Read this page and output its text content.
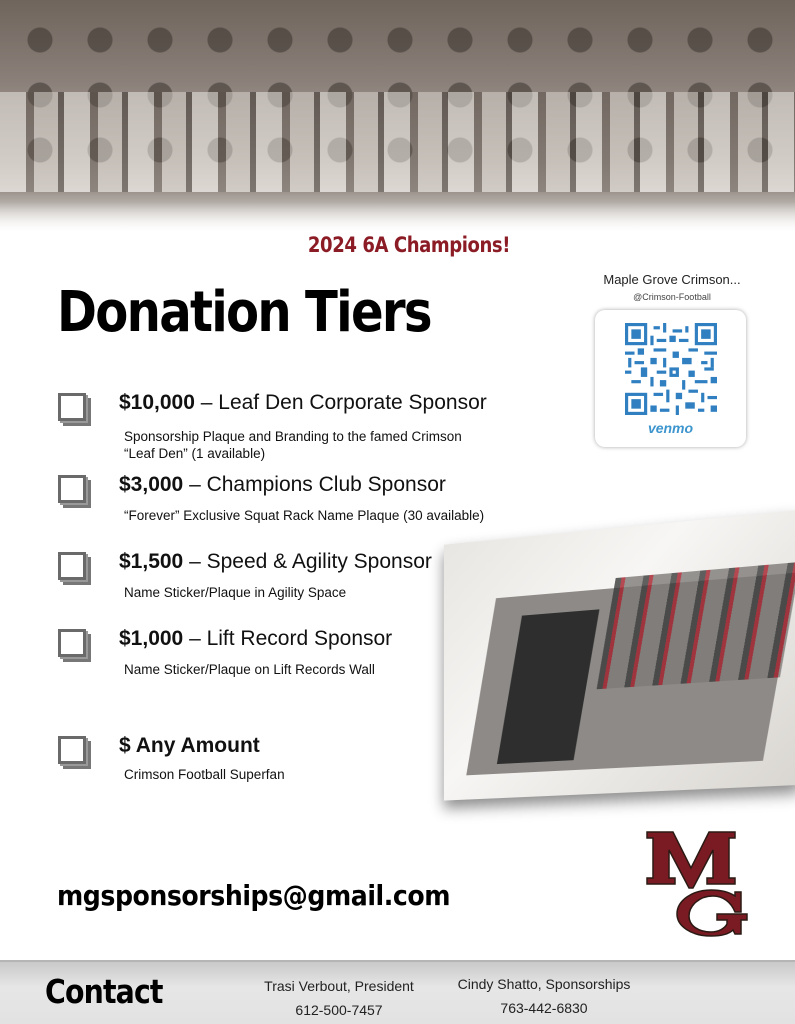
2024 6A Champions!
Donation Tiers
Maple Grove Crimson...
@Crimson-Football
venmo
$10,000 – Leaf Den Corporate Sponsor
Sponsorship Plaque and Branding to the famed Crimson
“Leaf Den” (1 available)
$3,000 – Champions Club Sponsor
“Forever” Exclusive Squat Rack Name Plaque (30 available)
$1,500 – Speed & Agility Sponsor
Name Sticker/Plaque in Agility Space
$1,000 – Lift Record Sponsor
Name Sticker/Plaque on Lift Records Wall
$ Any Amount
Crimson Football Superfan
mgsponsorships@gmail.com
Contact	Trasi Verbout, President
612-500-7457
Cindy Shatto, Sponsorships
763-442-6830
